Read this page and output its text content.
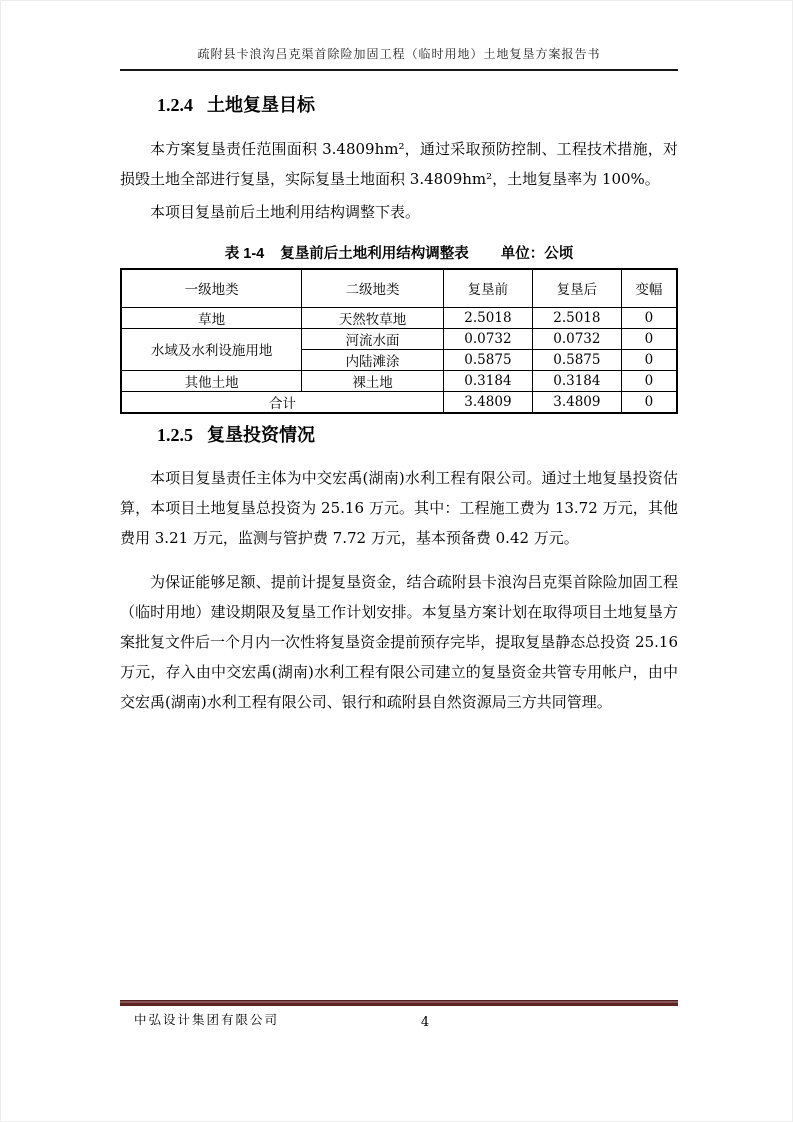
疏附县卡浪沟吕克渠首除险加固工程（临时用地）土地复垦方案报告书
1.2.4 土地复垦目标

本方案复垦责任范围面积 3.4809hm²，通过采取预防控制、工程技术措施，对损毁土地全部进行复垦，实际复垦土地面积 3.4809hm²，土地复垦率为 100%。

本项目复垦前后土地利用结构调整下表。

表 1-4 复垦前后土地利用结构调整表 单位：公顷
一级地类	二级地类	复垦前	复垦后	变幅
草地	天然牧草地	2.5018	2.5018	0
水域及水利设施用地	河流水面	0.0732	0.0732	0
	内陆滩涂	0.5875	0.5875	0
其他土地	裸土地	0.3184	0.3184	0
合计		3.4809	3.4809	0
1.2.5 复垦投资情况

本项目复垦责任主体为中交宏禹(湖南)水利工程有限公司。通过土地复垦投资估算，本项目土地复垦总投资为 25.16 万元。其中：工程施工费为 13.72 万元，其他费用 3.21 万元，监测与管护费 7.72 万元，基本预备费 0.42 万元。

为保证能够足额、提前计提复垦资金，结合疏附县卡浪沟吕克渠首除险加固工程（临时用地）建设期限及复垦工作计划安排。本复垦方案计划在取得项目土地复垦方案批复文件后一个月内一次性将复垦资金提前预存完毕，提取复垦静态总投资 25.16 万元，存入由中交宏禹(湖南)水利工程有限公司建立的复垦资金共管专用帐户，由中交宏禹(湖南)水利工程有限公司、银行和疏附县自然资源局三方共同管理。

中弘设计集团有限公司	4
